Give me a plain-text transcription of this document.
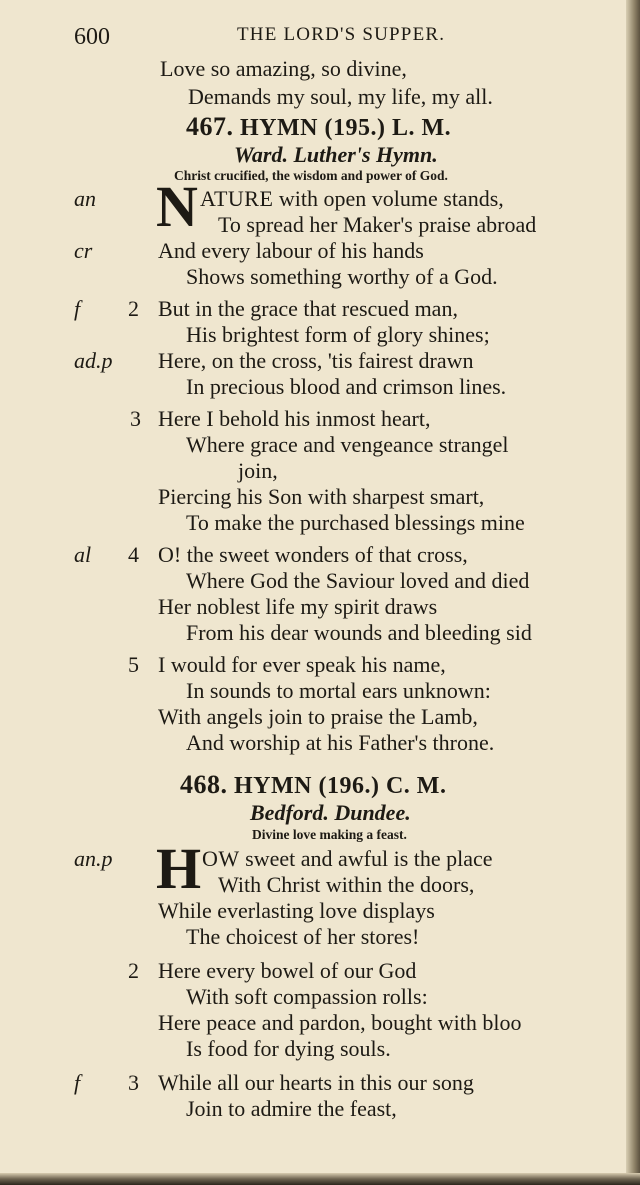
600	THE LORD'S SUPPER.
Love so amazing, so divine,
Demands my soul, my life, my all.
467. HYMN (195.) L. M.
Ward. Luther's Hymn.
Christ crucified, the wisdom and power of God.
an N ATURE with open volume stands,
To spread her Maker's praise abroad
cr	And every labour of his hands
Shows something worthy of a God.
f 2 But in the grace that rescued man,
His brightest form of glory shines;
ad.p Here, on the cross, 'tis fairest drawn
In precious blood and crimson lines.
3 Here I behold his inmost heart,
Where grace and vengeance strangel
join,
Piercing his Son with sharpest smart,
To make the purchased blessings mine
al 4 O! the sweet wonders of that cross,
Where God the Saviour loved and died
Her noblest life my spirit draws
From his dear wounds and bleeding sid
5 I would for ever speak his name,
In sounds to mortal ears unknown:
With angels join to praise the Lamb,
And worship at his Father's throne.
468. HYMN (196.) C. M.
Bedford. Dundee.
Divine love making a feast.
an.p H OW sweet and awful is the place
With Christ within the doors,
While everlasting love displays
The choicest of her stores!
2 Here every bowel of our God
With soft compassion rolls:
Here peace and pardon, bought with bloo
Is food for dying souls.
f 3 While all our hearts in this our song
Join to admire the feast,
